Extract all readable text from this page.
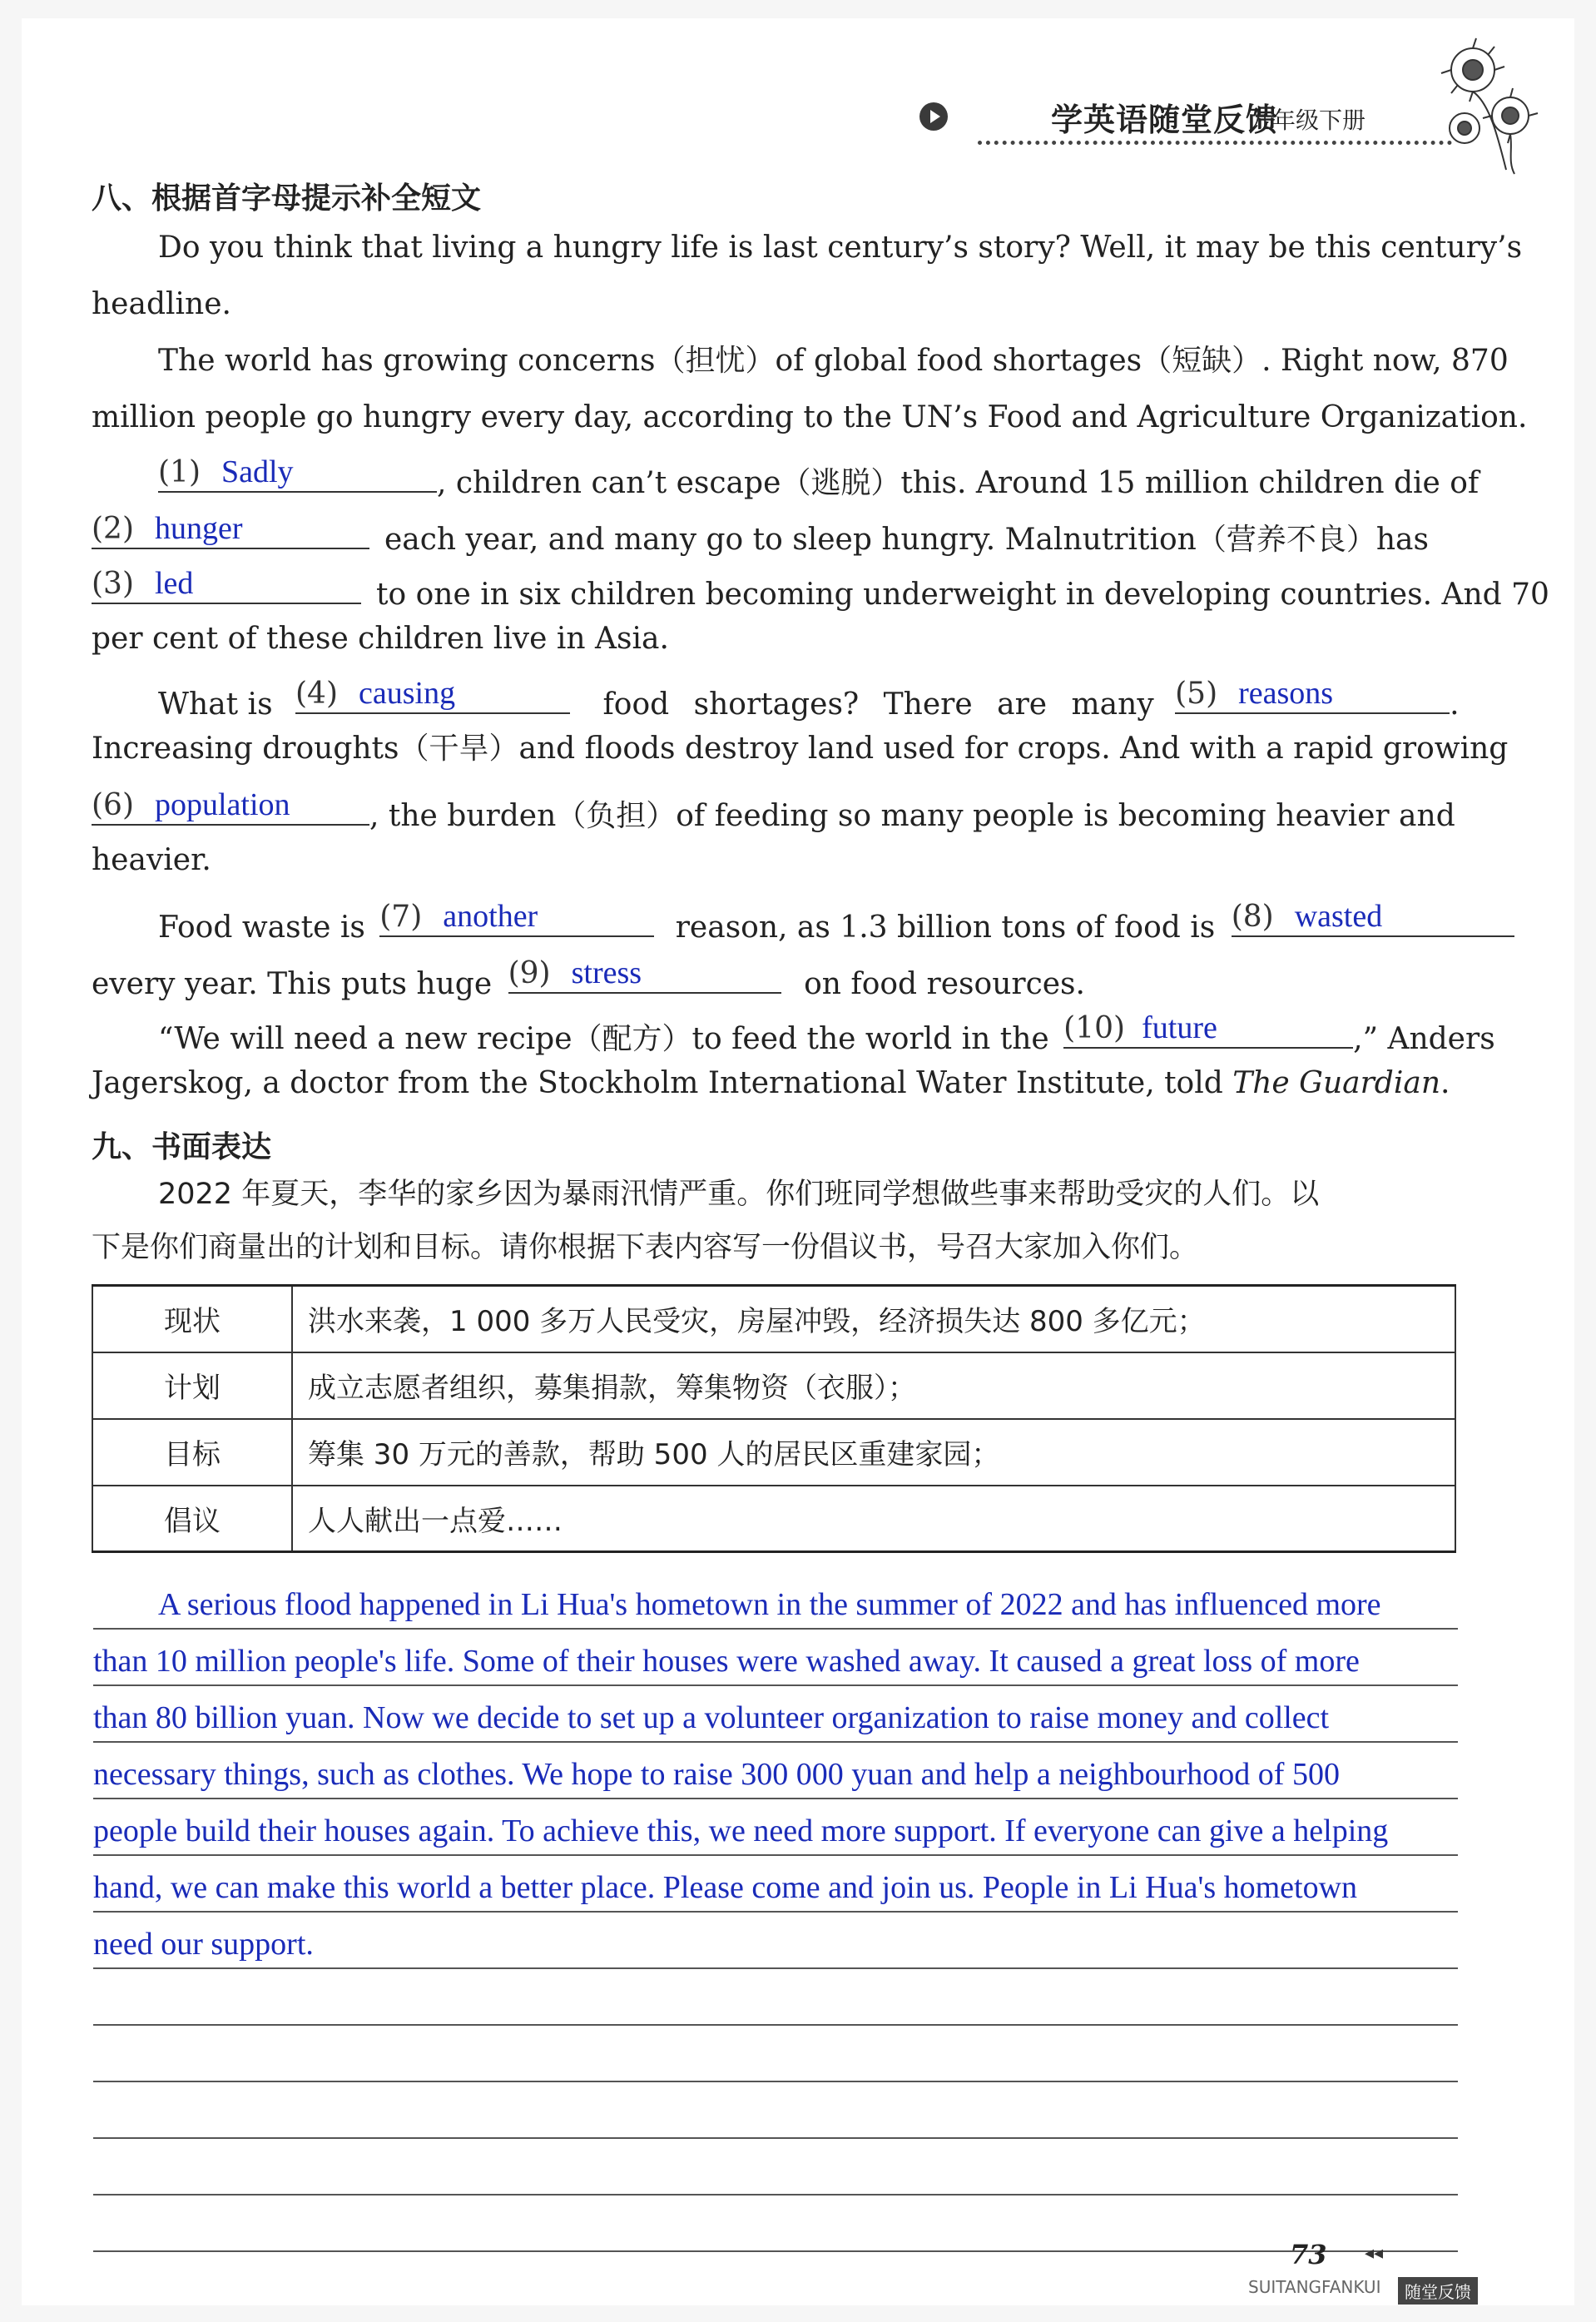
学英语随堂反馈
九年级下册
八、根据首字母提示补全短文
Do you think that living a hungry life is last century’s story? Well, it may be this century’s
headline.
The world has growing concerns（担忧）of global food shortages（短缺）. Right now, 870
million people go hungry every day, according to the UN’s Food and Agriculture Organization.
(1) Sadly	, children can’t escape（逃脱）this. Around 15 million children die of
(2) hunger	each year, and many go to sleep hungry. Malnutrition（营养不良）has
(3) led	to one in six children becoming underweight in developing countries. And 70
per cent of these children live in Asia.
What is (4) causing	food shortages? There are many (5) reasons	.
Increasing droughts（干旱）and floods destroy land used for crops. And with a rapid growing
(6) population	, the burden（负担）of feeding so many people is becoming heavier and
heavier.
Food waste is (7) another	reason, as 1.3 billion tons of food is (8) wasted
every year. This puts huge (9) stress	on food resources.
“We will need a new recipe（配方）to feed the world in the (10) future	,” Anders
Jagerskog, a doctor from the Stockholm International Water Institute, told The Guardian.
九、书面表达
2022 年夏天，李华的家乡因为暴雨汛情严重。你们班同学想做些事来帮助受灾的人们。以
下是你们商量出的计划和目标。请你根据下表内容写一份倡议书，号召大家加入你们。
现状	洪水来袭，1 000 多万人民受灾，房屋冲毁，经济损失达 800 多亿元；
计划	成立志愿者组织，募集捐款，筹集物资（衣服）；
目标	筹集 30 万元的善款，帮助 500 人的居民区重建家园；
倡议	人人献出一点爱……
A serious flood happened in Li Hua's hometown in the summer of 2022 and has influenced more
than 10 million people's life. Some of their houses were washed away. It caused a great loss of more
than 80 billion yuan. Now we decide to set up a volunteer organization to raise money and collect
necessary things, such as clothes. We hope to raise 300 000 yuan and help a neighbourhood of 500
people build their houses again. To achieve this, we need more support. If everyone can give a helping
hand, we can make this world a better place. Please come and join us. People in Li Hua's hometown
need our support.
73 ◂◂
SUITANGFANKUI	随堂反馈
